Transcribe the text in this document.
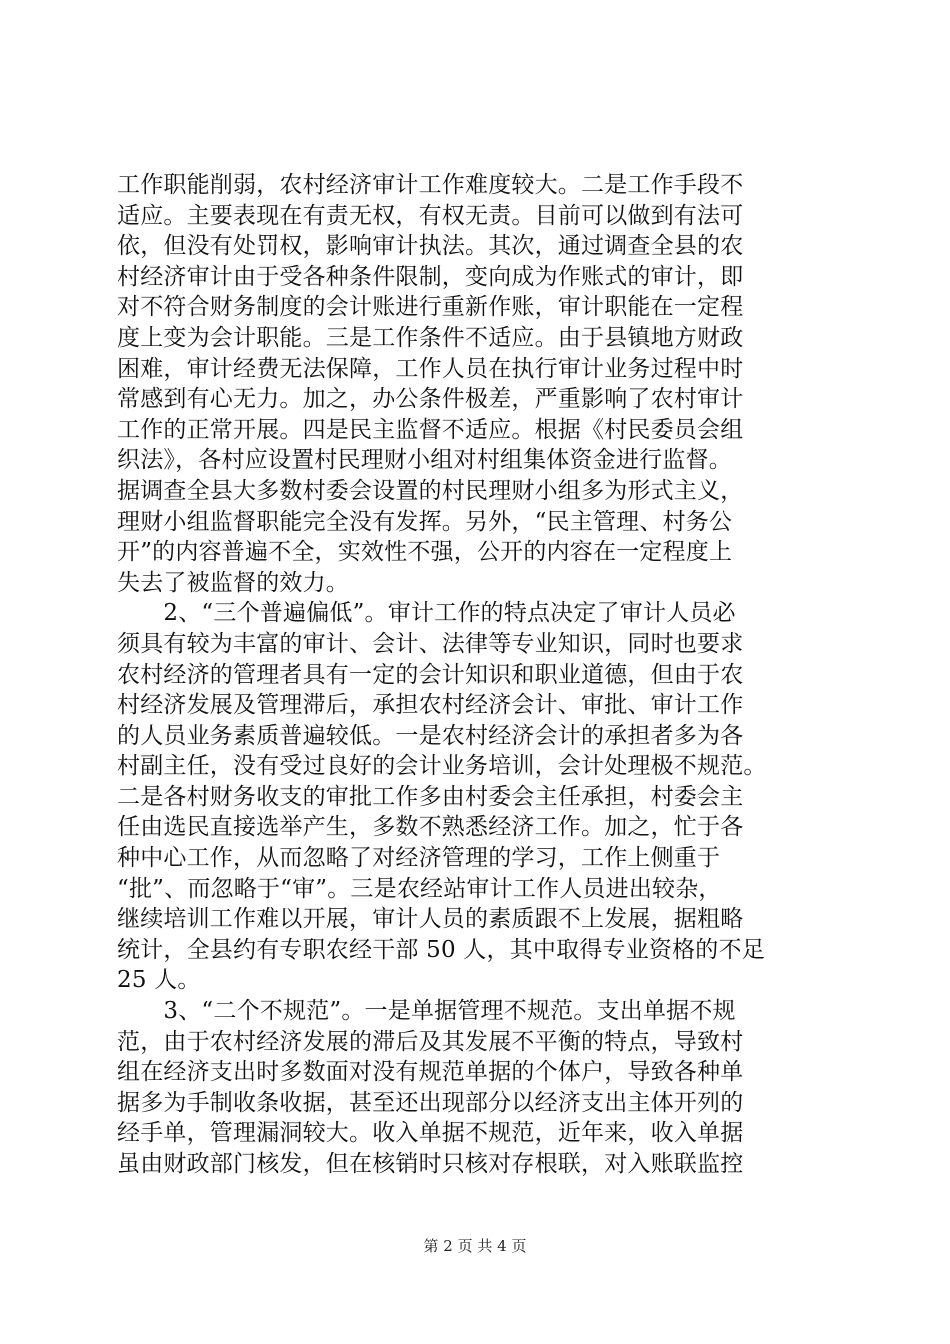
工作职能削弱，农村经济审计工作难度较大。二是工作手段不
适应。主要表现在有责无权，有权无责。目前可以做到有法可
依，但没有处罚权，影响审计执法。其次，通过调查全县的农
村经济审计由于受各种条件限制，变向成为作账式的审计，即
对不符合财务制度的会计账进行重新作账，审计职能在一定程
度上变为会计职能。三是工作条件不适应。由于县镇地方财政
困难，审计经费无法保障，工作人员在执行审计业务过程中时
常感到有心无力。加之，办公条件极差，严重影响了农村审计
工作的正常开展。四是民主监督不适应。根据《村民委员会组
织法》，各村应设置村民理财小组对村组集体资金进行监督。
据调查全县大多数村委会设置的村民理财小组多为形式主义，
理财小组监督职能完全没有发挥。另外，“民主管理、村务公
开”的内容普遍不全，实效性不强，公开的内容在一定程度上
失去了被监督的效力。
　　2、“三个普遍偏低”。审计工作的特点决定了审计人员必
须具有较为丰富的审计、会计、法律等专业知识，同时也要求
农村经济的管理者具有一定的会计知识和职业道德，但由于农
村经济发展及管理滞后，承担农村经济会计、审批、审计工作
的人员业务素质普遍较低。一是农村经济会计的承担者多为各
村副主任，没有受过良好的会计业务培训，会计处理极不规范。
二是各村财务收支的审批工作多由村委会主任承担，村委会主
任由选民直接选举产生，多数不熟悉经济工作。加之，忙于各
种中心工作，从而忽略了对经济管理的学习，工作上侧重于
“批”、而忽略于“审”。三是农经站审计工作人员进出较杂，
继续培训工作难以开展，审计人员的素质跟不上发展，据粗略
统计，全县约有专职农经干部 50 人，其中取得专业资格的不足
25 人。
　　3、“二个不规范”。一是单据管理不规范。支出单据不规
范，由于农村经济发展的滞后及其发展不平衡的特点，导致村
组在经济支出时多数面对没有规范单据的个体户，导致各种单
据多为手制收条收据，甚至还出现部分以经济支出主体开列的
经手单，管理漏洞较大。收入单据不规范，近年来，收入单据
虽由财政部门核发，但在核销时只核对存根联，对入账联监控
第 2 页 共 4 页
